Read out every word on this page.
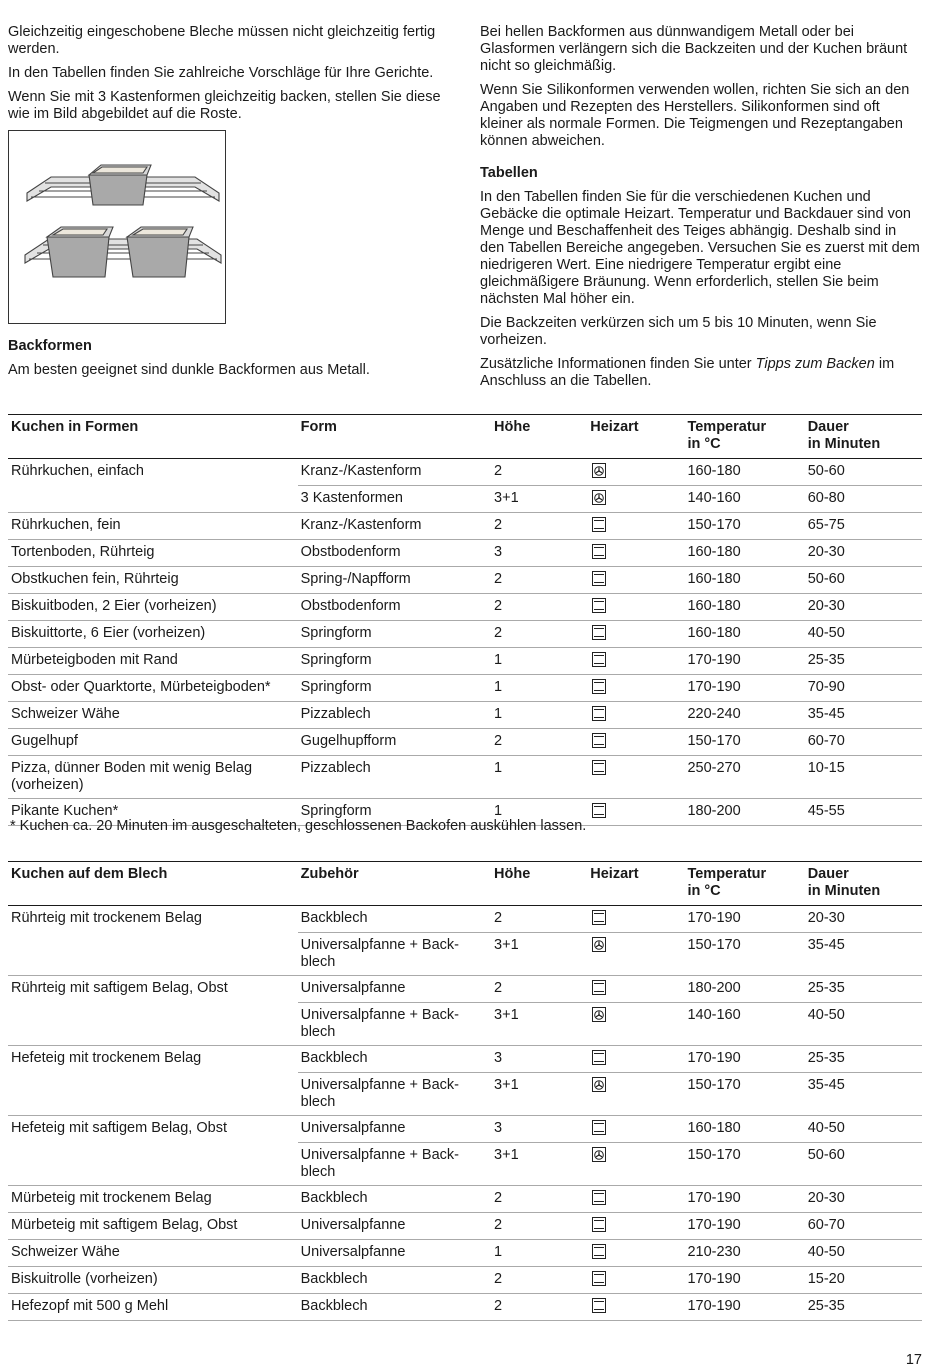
Gleichzeitig eingeschobene Bleche müssen nicht gleichzeitig fertig werden.

In den Tabellen finden Sie zahlreiche Vorschläge für Ihre Gerichte.

Wenn Sie mit 3 Kastenformen gleichzeitig backen, stellen Sie diese wie im Bild abgebildet auf die Roste.

Backformen

Am besten geeignet sind dunkle Backformen aus Metall.

Bei hellen Backformen aus dünnwandigem Metall oder bei Glasformen verlängern sich die Backzeiten und der Kuchen bräunt nicht so gleichmäßig.

Wenn Sie Silikonformen verwenden wollen, richten Sie sich an den Angaben und Rezepten des Herstellers. Silikonformen sind oft kleiner als normale Formen. Die Teigmengen und Rezeptangaben können abweichen.

Tabellen

In den Tabellen finden Sie für die verschiedenen Kuchen und Gebäcke die optimale Heizart. Temperatur und Backdauer sind von Menge und Beschaffenheit des Teiges abhängig. Deshalb sind in den Tabellen Bereiche angegeben. Versuchen Sie es zuerst mit dem niedrigeren Wert. Eine niedrigere Temperatur ergibt eine gleichmäßigere Bräunung. Wenn erforderlich, stellen Sie beim nächsten Mal höher ein.

Die Backzeiten verkürzen sich um 5 bis 10 Minuten, wenn Sie vorheizen.

Zusätzliche Informationen finden Sie unter Tipps zum Backen im Anschluss an die Tabellen.

Kuchen in Formen	Form	Höhe	Heizart	Temperatur
in °C	Dauer
in Minuten
Rührkuchen, einfach	Kranz-/Kastenform	2		160-180	50-60
	3 Kastenformen	3+1		140-160	60-80
Rührkuchen, fein	Kranz-/Kastenform	2		150-170	65-75
Tortenboden, Rührteig	Obstbodenform	3		160-180	20-30
Obstkuchen fein, Rührteig	Spring-/Napfform	2		160-180	50-60
Biskuitboden, 2 Eier (vorheizen)	Obstbodenform	2		160-180	20-30
Biskuittorte, 6 Eier (vorheizen)	Springform	2		160-180	40-50
Mürbeteigboden mit Rand	Springform	1		170-190	25-35
Obst- oder Quarktorte, Mürbeteigboden*	Springform	1		170-190	70-90
Schweizer Wähe	Pizzablech	1		220-240	35-45
Gugelhupf	Gugelhupfform	2		150-170	60-70
Pizza, dünner Boden mit wenig Belag (vorheizen)	Pizzablech	1		250-270	10-15
Pikante Kuchen*	Springform	1		180-200	45-55
* Kuchen ca. 20 Minuten im ausgeschalteten, geschlossenen Backofen auskühlen lassen.
Kuchen auf dem Blech	Zubehör	Höhe	Heizart	Temperatur
in °C	Dauer
in Minuten
Rührteig mit trockenem Belag	Backblech	2		170-190	20-30
	Universalpfanne + Backblech	3+1		150-170	35-45
Rührteig mit saftigem Belag, Obst	Universalpfanne	2		180-200	25-35
	Universalpfanne + Backblech	3+1		140-160	40-50
Hefeteig mit trockenem Belag	Backblech	3		170-190	25-35
	Universalpfanne + Backblech	3+1		150-170	35-45
Hefeteig mit saftigem Belag, Obst	Universalpfanne	3		160-180	40-50
	Universalpfanne + Backblech	3+1		150-170	50-60
Mürbeteig mit trockenem Belag	Backblech	2		170-190	20-30
Mürbeteig mit saftigem Belag, Obst	Universalpfanne	2		170-190	60-70
Schweizer Wähe	Universalpfanne	1		210-230	40-50
Biskuitrolle (vorheizen)	Backblech	2		170-190	15-20
Hefezopf mit 500 g Mehl	Backblech	2		170-190	25-35
17
